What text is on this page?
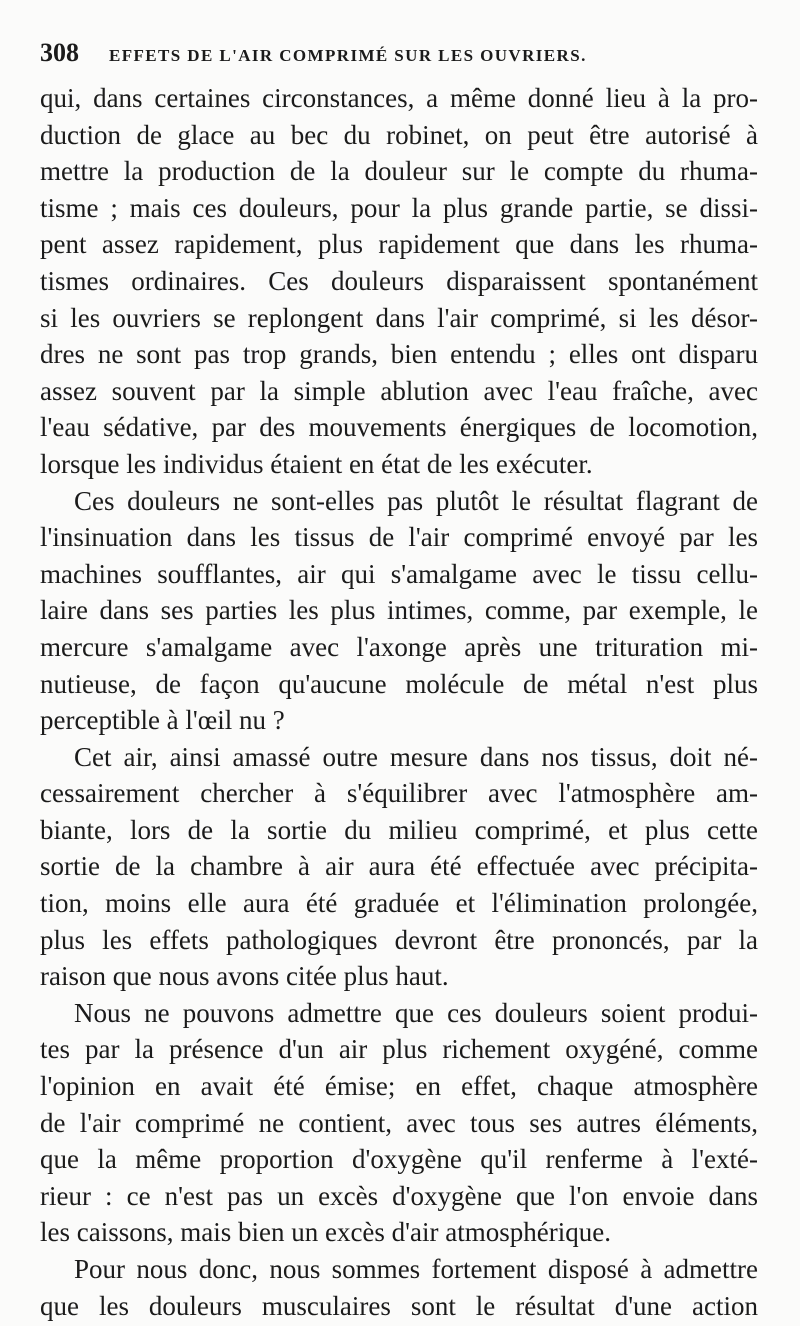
308 EFFETS DE L'AIR COMPRIMÉ SUR LES OUVRIERS.
qui, dans certaines circonstances, a même donné lieu à la pro-
duction de glace au bec du robinet, on peut être autorisé à
mettre la production de la douleur sur le compte du rhuma-
tisme ; mais ces douleurs, pour la plus grande partie, se dissi-
pent assez rapidement, plus rapidement que dans les rhuma-
tismes ordinaires. Ces douleurs disparaissent spontanément
si les ouvriers se replongent dans l'air comprimé, si les désor-
dres ne sont pas trop grands, bien entendu ; elles ont disparu
assez souvent par la simple ablution avec l'eau fraîche, avec
l'eau sédative, par des mouvements énergiques de locomotion,
lorsque les individus étaient en état de les exécuter.
Ces douleurs ne sont-elles pas plutôt le résultat flagrant de
l'insinuation dans les tissus de l'air comprimé envoyé par les
machines soufflantes, air qui s'amalgame avec le tissu cellu-
laire dans ses parties les plus intimes, comme, par exemple, le
mercure s'amalgame avec l'axonge après une trituration mi-
nutieuse, de façon qu'aucune molécule de métal n'est plus
perceptible à l'œil nu ?
Cet air, ainsi amassé outre mesure dans nos tissus, doit né-
cessairement chercher à s'équilibrer avec l'atmosphère am-
biante, lors de la sortie du milieu comprimé, et plus cette
sortie de la chambre à air aura été effectuée avec précipita-
tion, moins elle aura été graduée et l'élimination prolongée,
plus les effets pathologiques devront être prononcés, par la
raison que nous avons citée plus haut.
Nous ne pouvons admettre que ces douleurs soient produi-
tes par la présence d'un air plus richement oxygéné, comme
l'opinion en avait été émise; en effet, chaque atmosphère
de l'air comprimé ne contient, avec tous ses autres éléments,
que la même proportion d'oxygène qu'il renferme à l'exté-
rieur : ce n'est pas un excès d'oxygène que l'on envoie dans
les caissons, mais bien un excès d'air atmosphérique.
Pour nous donc, nous sommes fortement disposé à admettre
que les douleurs musculaires sont le résultat d'une action
